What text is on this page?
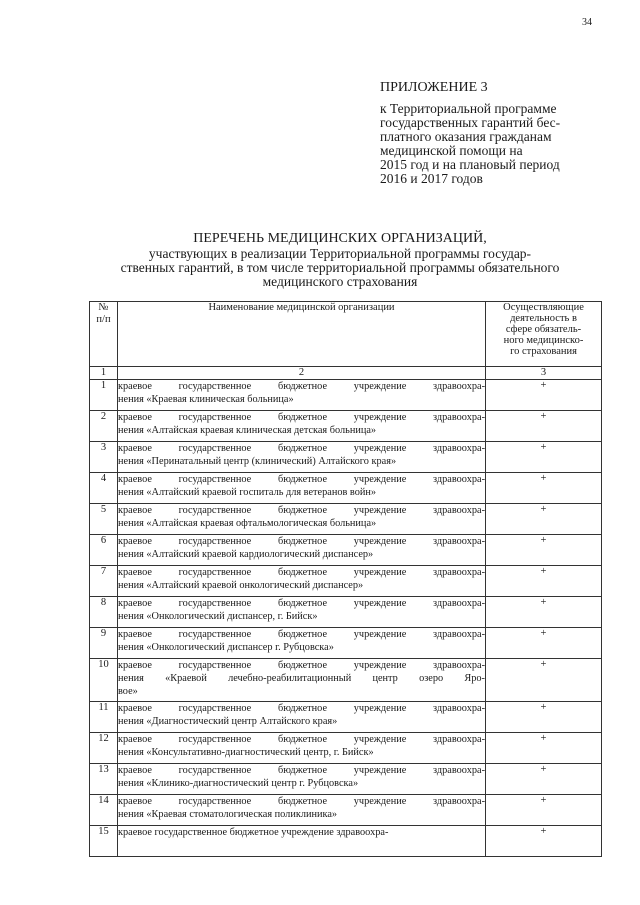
34
ПРИЛОЖЕНИЕ 3
к Территориальной программе
государственных гарантий бес-
платного оказания гражданам
медицинской помощи на
2015 год и на плановый период
2016 и 2017 годов
ПЕРЕЧЕНЬ МЕДИЦИНСКИХ ОРГАНИЗАЦИЙ,
участвующих в реализации Территориальной программы государ-
ственных гарантий, в том числе территориальной программы обязательного
медицинского страхования
№
п/п	Наименование медицинской организации	Осуществляющие
деятельность в
сфере обязатель-
ного медицинско-
го страхования

1	2	3
1	краевое государственное бюджетное учреждение здравоохра-
нения «Краевая клиническая больница»	+
2	краевое государственное бюджетное учреждение здравоохра-
нения «Алтайская краевая клиническая детская больница»	+
3	краевое государственное бюджетное учреждение здравоохра-
нения «Перинатальный центр (клинический) Алтайского края»	+
4	краевое государственное бюджетное учреждение здравоохра-
нения «Алтайский краевой госпиталь для ветеранов войн»	+
5	краевое государственное бюджетное учреждение здравоохра-
нения «Алтайская краевая офтальмологическая больница»	+
6	краевое государственное бюджетное учреждение здравоохра-
нения «Алтайский краевой кардиологический диспансер»	+
7	краевое государственное бюджетное учреждение здравоохра-
нения «Алтайский краевой онкологический диспансер»	+
8	краевое государственное бюджетное учреждение здравоохра-
нения «Онкологический диспансер, г. Бийск»	+
9	краевое государственное бюджетное учреждение здравоохра-
нения «Онкологический диспансер г. Рубцовска»	+
10	краевое государственное бюджетное учреждение здравоохра-
нения «Краевой лечебно-реабилитационный центр озеро Яро-
вое»	+
11	краевое государственное бюджетное учреждение здравоохра-
нения «Диагностический центр Алтайского края»	+
12	краевое государственное бюджетное учреждение здравоохра-
нения «Консультативно-диагностический центр, г. Бийск»	+
13	краевое государственное бюджетное учреждение здравоохра-
нения «Клинико-диагностический центр г. Рубцовска»	+
14	краевое государственное бюджетное учреждение здравоохра-
нения «Краевая стоматологическая поликлиника»	+
15	краевое государственное бюджетное учреждение здравоохра-	+
